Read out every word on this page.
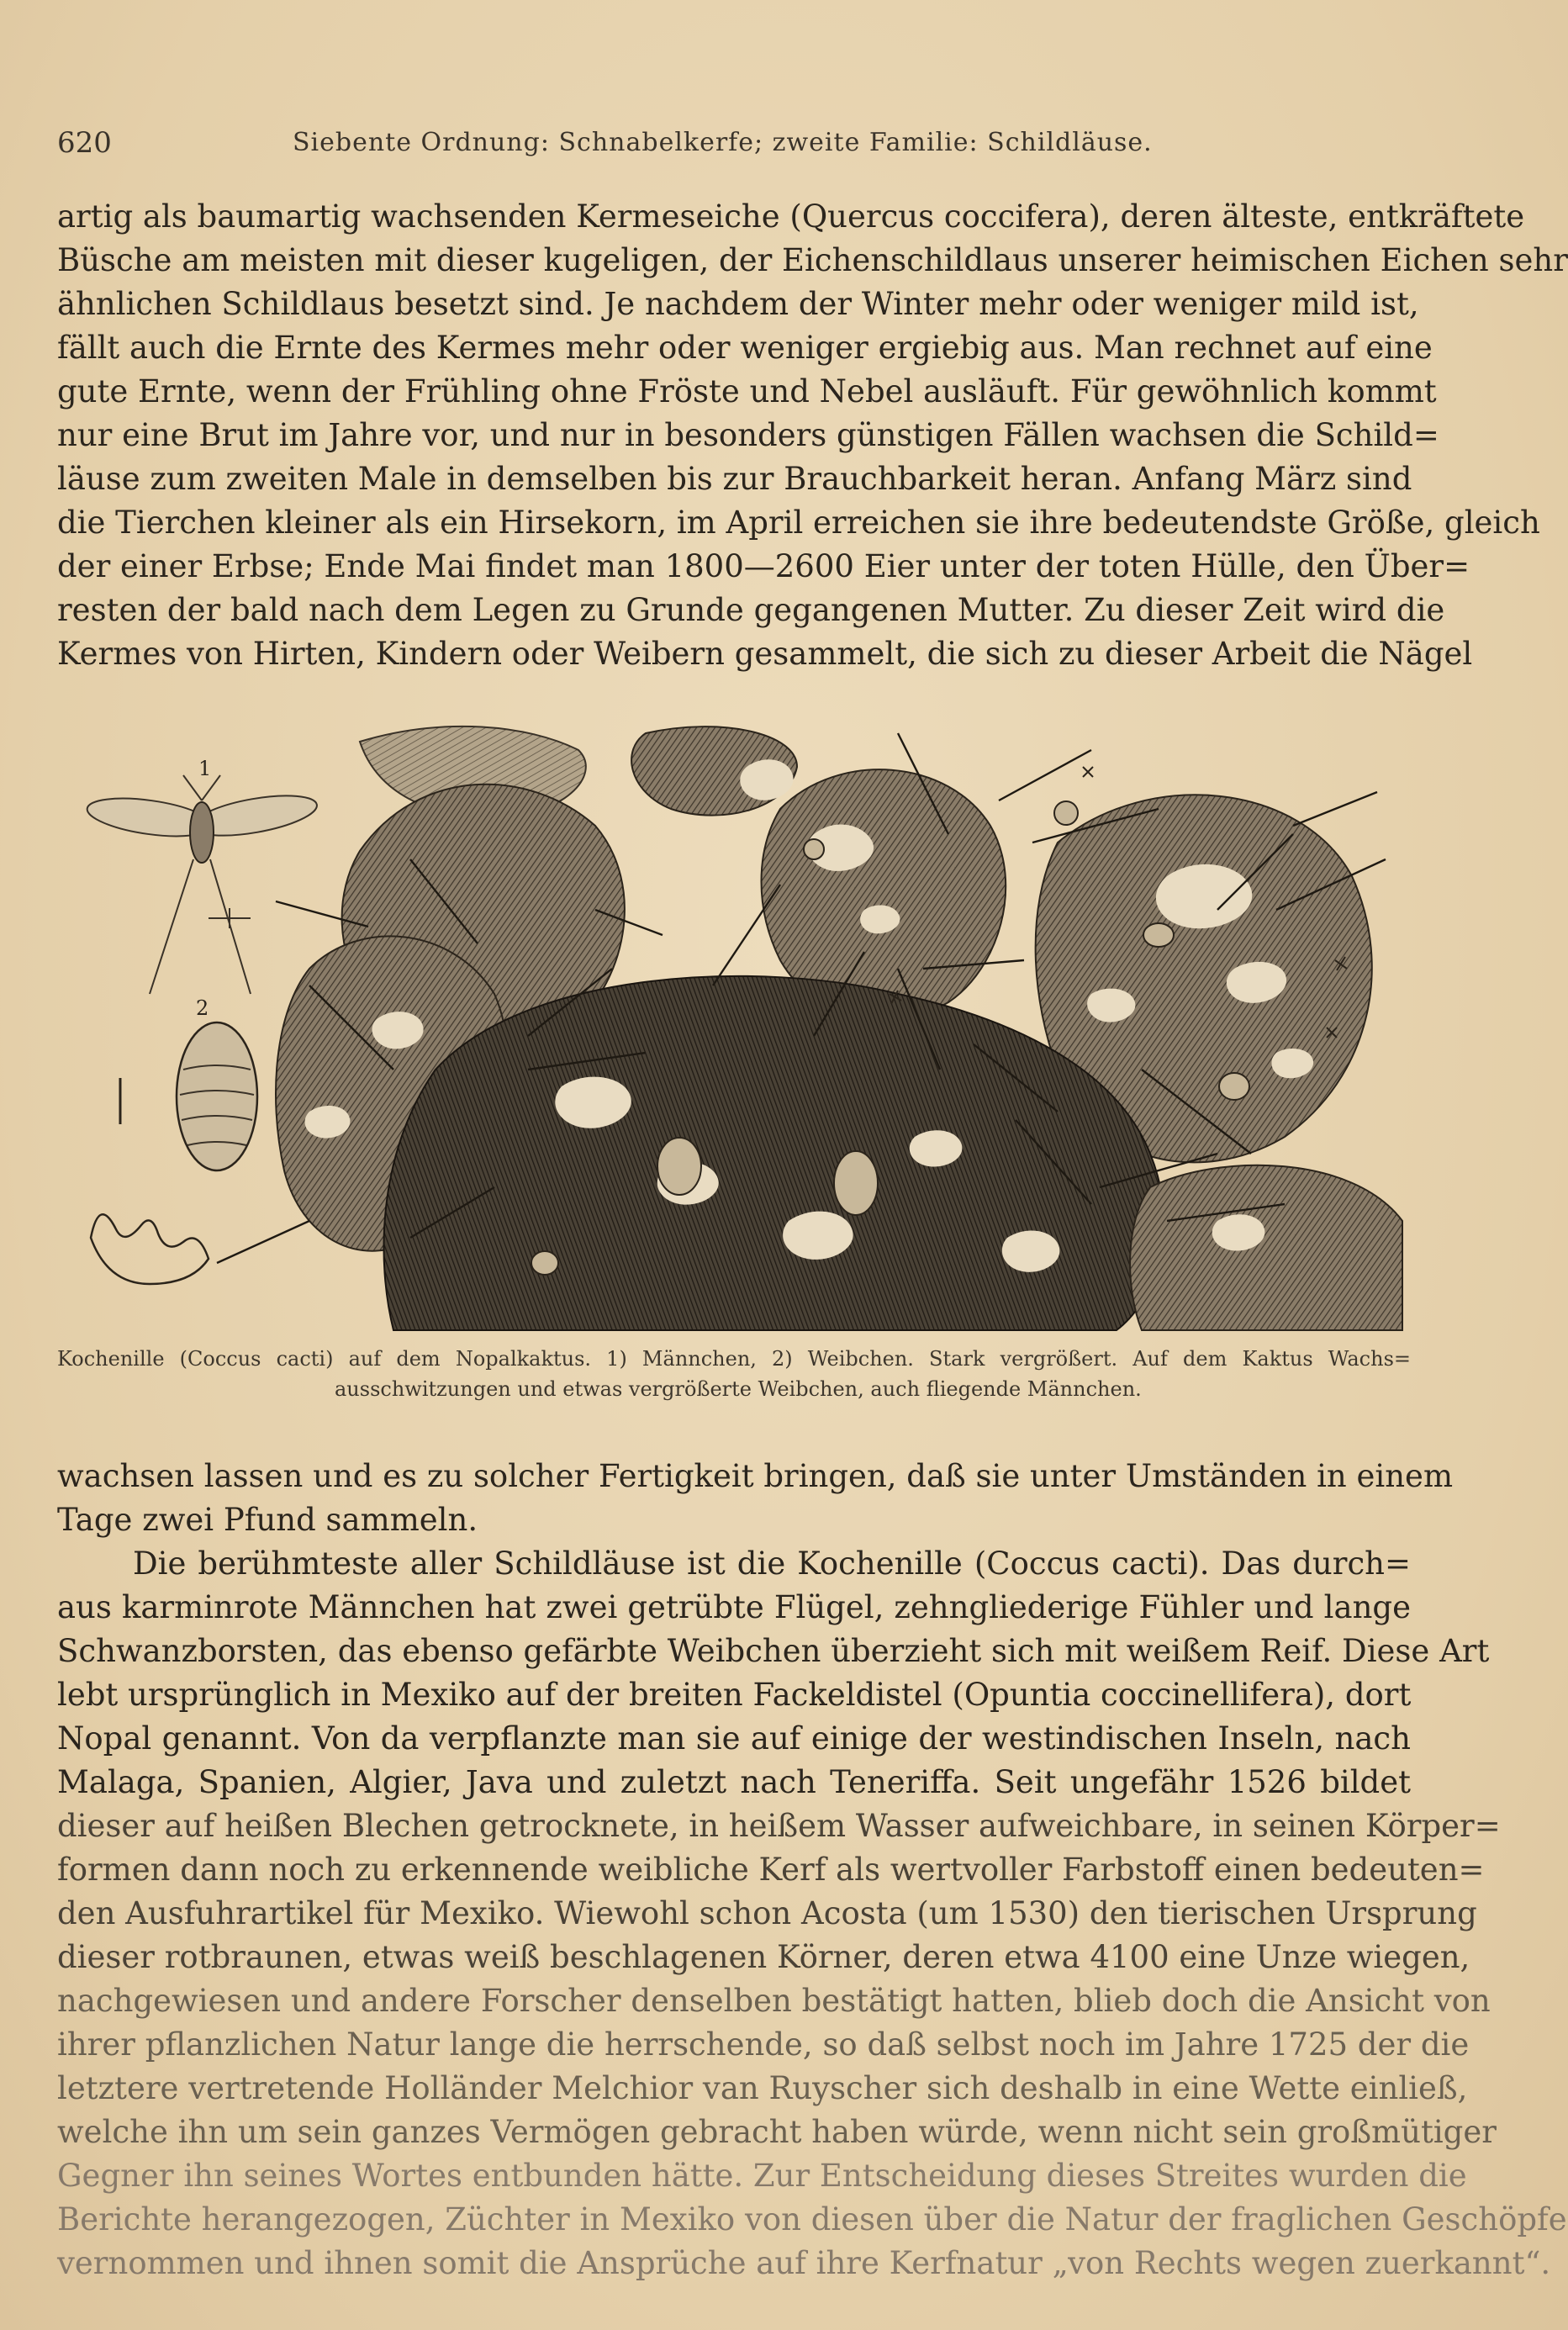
620	Siebente Ordnung: Schnabelkerfe; zweite Familie: Schildläuse.
artig als baumartig wachsenden Kermeseiche (Quercus coccifera), deren älteste, entkräftete
Büsche am meisten mit dieser kugeligen, der Eichenschildlaus unserer heimischen Eichen sehr
ähnlichen Schildlaus besetzt sind. Je nachdem der Winter mehr oder weniger mild ist,
fällt auch die Ernte des Kermes mehr oder weniger ergiebig aus. Man rechnet auf eine
gute Ernte, wenn der Frühling ohne Fröste und Nebel ausläuft. Für gewöhnlich kommt
nur eine Brut im Jahre vor, und nur in besonders günstigen Fällen wachsen die Schild=
läuse zum zweiten Male in demselben bis zur Brauchbarkeit heran. Anfang März sind
die Tierchen kleiner als ein Hirsekorn, im April erreichen sie ihre bedeutendste Größe, gleich
der einer Erbse; Ende Mai findet man 1800—2600 Eier unter der toten Hülle, den Über=
resten der bald nach dem Legen zu Grunde gegangenen Mutter. Zu dieser Zeit wird die
Kermes von Hirten, Kindern oder Weibern gesammelt, die sich zu dieser Arbeit die Nägel
1
2
Kochenille (Coccus cacti) auf dem Nopalkaktus. 1) Männchen, 2) Weibchen. Stark vergrößert. Auf dem Kaktus Wachs=
ausschwitzungen und etwas vergrößerte Weibchen, auch fliegende Männchen.
wachsen lassen und es zu solcher Fertigkeit bringen, daß sie unter Umständen in einem
Tage zwei Pfund sammeln.
Die berühmteste aller Schildläuse ist die Kochenille (Coccus cacti). Das durch=
aus karminrote Männchen hat zwei getrübte Flügel, zehngliederige Fühler und lange
Schwanzborsten, das ebenso gefärbte Weibchen überzieht sich mit weißem Reif. Diese Art
lebt ursprünglich in Mexiko auf der breiten Fackeldistel (Opuntia coccinellifera), dort
Nopal genannt. Von da verpflanzte man sie auf einige der westindischen Inseln, nach
Malaga, Spanien, Algier, Java und zuletzt nach Teneriffa. Seit ungefähr 1526 bildet
dieser auf heißen Blechen getrocknete, in heißem Wasser aufweichbare, in seinen Körper=
formen dann noch zu erkennende weibliche Kerf als wertvoller Farbstoff einen bedeuten=
den Ausfuhrartikel für Mexiko. Wiewohl schon Acosta (um 1530) den tierischen Ursprung
dieser rotbraunen, etwas weiß beschlagenen Körner, deren etwa 4100 eine Unze wiegen,
nachgewiesen und andere Forscher denselben bestätigt hatten, blieb doch die Ansicht von
ihrer pflanzlichen Natur lange die herrschende, so daß selbst noch im Jahre 1725 der die
letztere vertretende Holländer Melchior van Ruyscher sich deshalb in eine Wette einließ,
welche ihn um sein ganzes Vermögen gebracht haben würde, wenn nicht sein großmütiger
Gegner ihn seines Wortes entbunden hätte. Zur Entscheidung dieses Streites wurden die
Berichte herangezogen, Züchter in Mexiko von diesen über die Natur der fraglichen Geschöpfe
vernommen und ihnen somit die Ansprüche auf ihre Kerfnatur „von Rechts wegen zuerkannt“.
